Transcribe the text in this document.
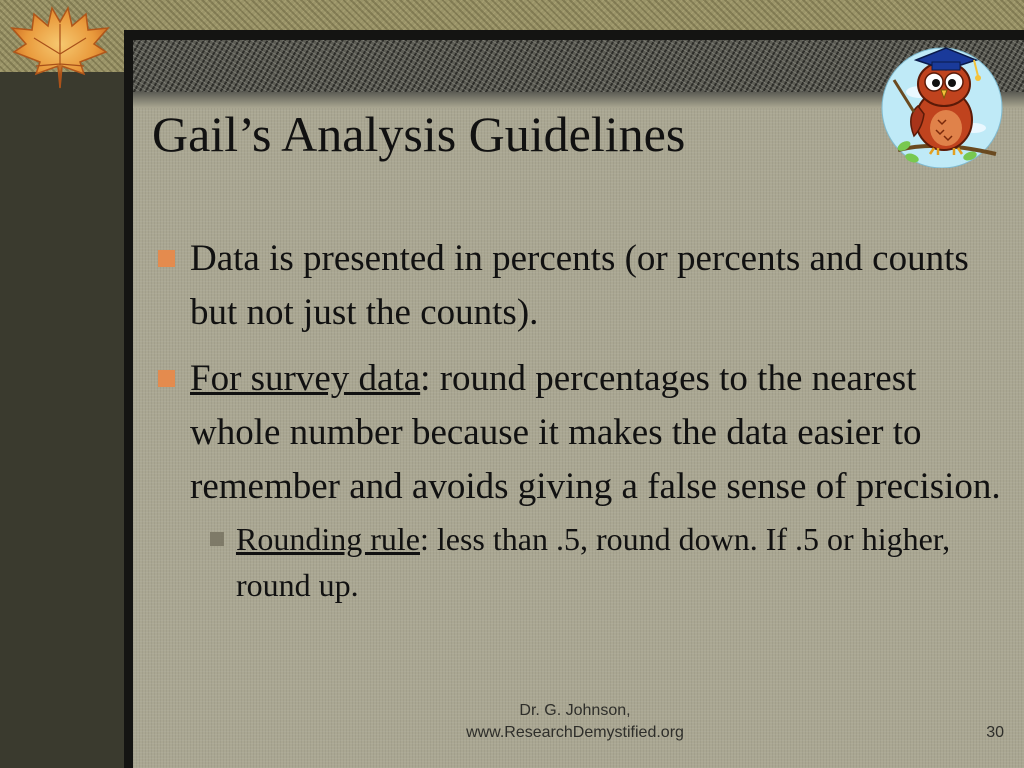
Gail’s Analysis Guidelines
Data is presented in percents (or percents and counts but not just the counts).
For survey data: round percentages to the nearest whole number because it makes the data easier to remember and avoids giving a false sense of precision.
Rounding rule: less than .5, round down. If .5 or higher, round up.
Dr. G. Johnson,
www.ResearchDemystified.org	30
